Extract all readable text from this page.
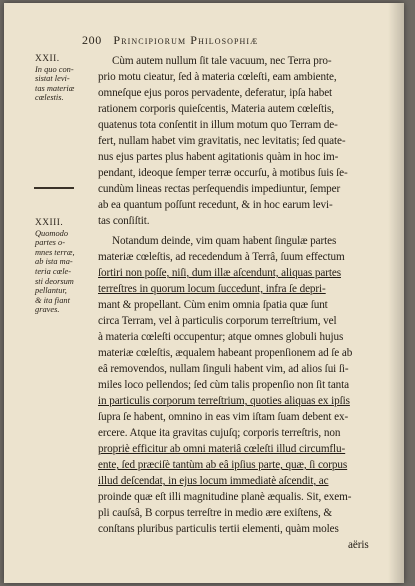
200 Principiorum Philosophiæ
XXII.
In quo con-
sistat levi-
tas materiæ
cœlestis.
XXIII.
Quomodo
partes o-
mnes terræ,
ab ista ma-
teria cœle-
sti deorsum
pellantur,
& ita fiant
graves.
Cùm autem nullum ſit tale vacuum, nec Terra pro-
prio motu cieatur, ſed à materia cœleſti, eam ambiente,
omneſque ejus poros pervadente, deferatur, ipſa habet
rationem corporis quieſcentis, Materia autem cœleſtis,
quatenus tota conſentit in illum motum quo Terram de-
fert, nullam habet vim gravitatis, nec levitatis; ſed quate-
nus ejus partes plus habent agitationis quàm in hoc im-
pendant, ideoque ſemper terræ occurſu, à motibus ſuis ſe-
cundùm lineas rectas perſequendis impediuntur, ſemper
ab ea quantum poſſunt recedunt, & in hoc earum levi-
tas conſiſtit.
Notandum deinde, vim quam habent ſingulæ partes
materiæ cœleſtis, ad recedendum à Terrâ, ſuum effectum
ſortiri non poſſe, niſi, dum illæ aſcendunt, aliquas partes
terreſtres in quorum locum ſuccedunt, infra ſe depri-
mant & propellant. Cùm enim omnia ſpatia quæ ſunt
circa Terram, vel à particulis corporum terreſtrium, vel
à materia cœleſti occupentur; atque omnes globuli hujus
materiæ cœleſtis, æqualem habeant propenſionem ad ſe ab
eâ removendos, nullam ſinguli habent vim, ad alios ſui ſi-
miles loco pellendos; ſed cùm talis propenſio non ſit tanta
in particulis corporum terreſtrium, quoties aliquas ex ipſis
ſupra ſe habent, omnino in eas vim iſtam ſuam debent ex-
ercere. Atque ita gravitas cujuſq; corporis terreſtris, non
propriè efficitur ab omni materiâ cœleſti illud circumflu-
ente, ſed præciſè tantùm ab eâ ipſius parte, quæ, ſi corpus
illud deſcendat, in ejus locum immediatè aſcendit, ac
proinde quæ eſt illi magnitudine planè æqualis. Sit, exem-
pli cauſsâ, B corpus terreſtre in medio ære exiſtens, &
conſtans pluribus particulis tertii elementi, quàm moles
aëris
